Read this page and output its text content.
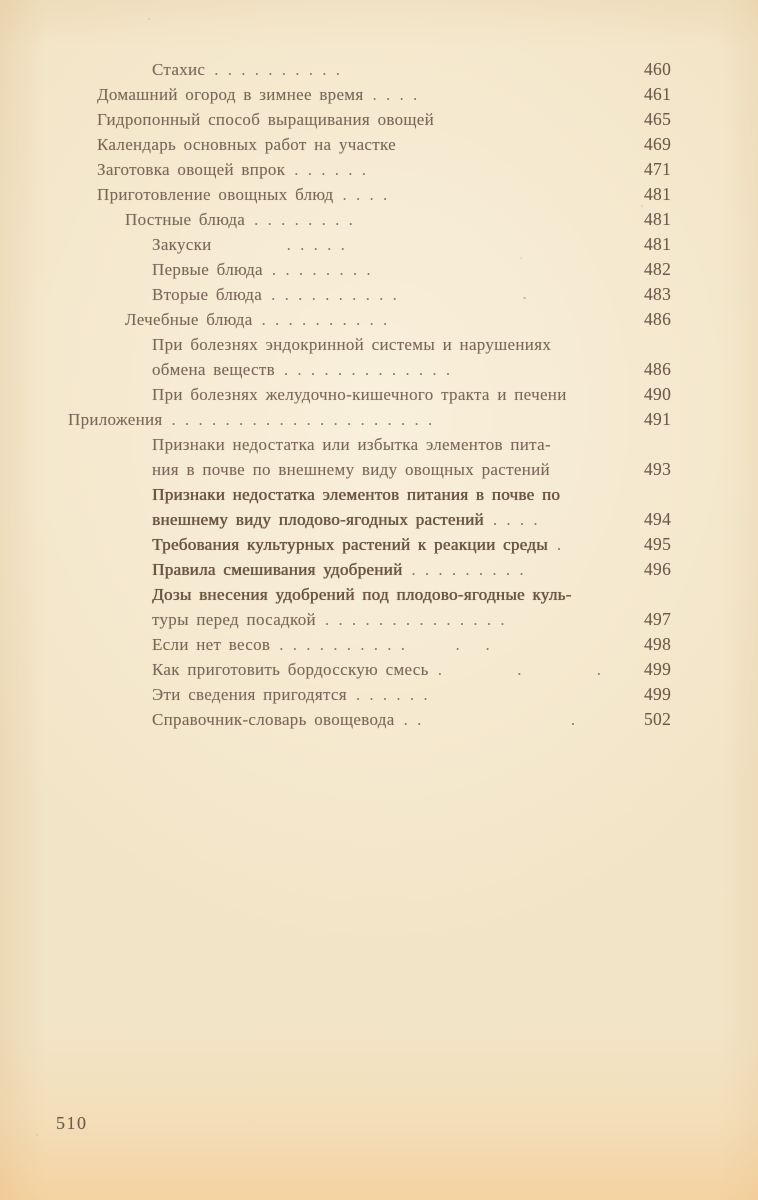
Стахис . . . . . . . . . .	460
Домашний огород в зимнее время . . . .	461
Гидропонный способ выращивания овощей	465
Календарь основных работ на участке	469
Заготовка овощей впрок . . . . . .	471
Приготовление овощных блюд . . . .	481
Постные блюда . . . . . . . .	481
Закуски . . . . .	481
Первые блюда . . . . . . . .	482
Вторые блюда . . . . . . . . . .	483
Лечебные блюда . . . . . . . . . .	486
При болезнях эндокринной системы и нарушениях
обмена веществ . . . . . . . . . . . . .	486
При болезнях желудочно-кишечного тракта и печени	490
Приложения . . . . . . . . . . . . . . . . . . . .	491
Признаки недостатка или избытка элементов пита-
ния в почве по внешнему виду овощных растений	493
Признаки недостатка элементов питания в почве по
внешнему виду плодово-ягодных растений . . . .	494
Требования культурных растений к реакции среды .	495
Правила смешивания удобрений . . . . . . . . .	496
Дозы внесения удобрений под плодово-ягодные куль-
туры перед посадкой . . . . . . . . . . . . . .	497
Если нет весов . . . . . . . . . .      .   .	498
Как приготовить бордосскую смесь .         .         . 499
Эти сведения пригодятся . . . . . .	499
Справочник-словарь овощевода . .                  .	502
510
